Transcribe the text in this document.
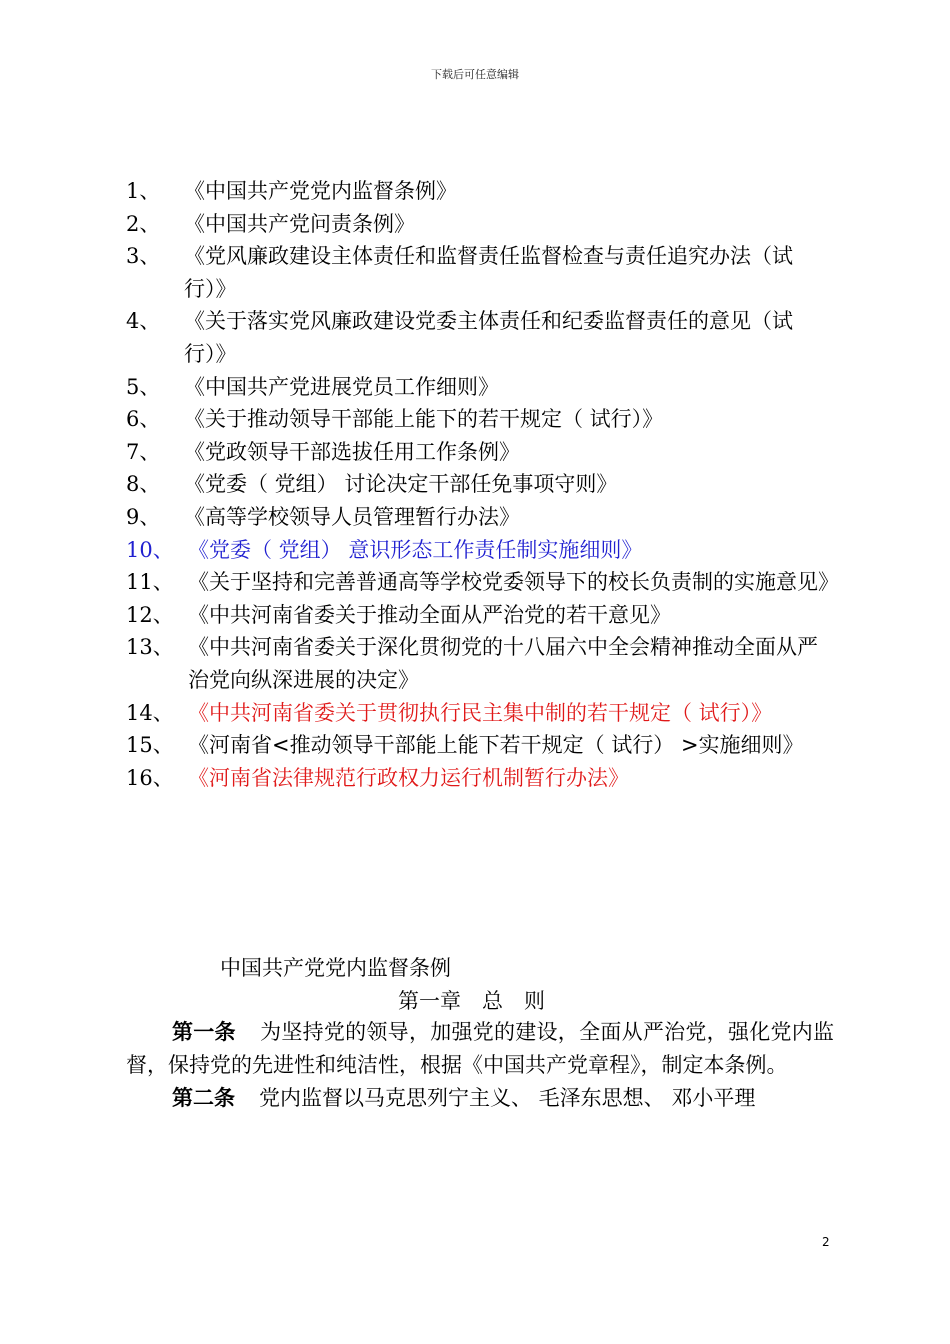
下载后可任意编辑
1、	《中国共产党党内监督条例》
2、	《中国共产党问责条例》
3、	《党风廉政建设主体责任和监督责任监督检查与责任追究办法（试行）》
4、	《关于落实党风廉政建设党委主体责任和纪委监督责任的意见（试行）》
5、	《中国共产党进展党员工作细则》
6、	《关于推动领导干部能上能下的若干规定（ 试行）》
7、	《党政领导干部选拔任用工作条例》
8、	《党委（ 党组） 讨论决定干部任免事项守则》
9、	《高等学校领导人员管理暂行办法》
10、 《党委（ 党组） 意识形态工作责任制实施细则》
11、 《关于坚持和完善普通高等学校党委领导下的校长负责制的实施意见》
12、 《中共河南省委关于推动全面从严治党的若干意见》
13、 《中共河南省委关于深化贯彻党的十八届六中全会精神推动全面从严治党向纵深进展的决定》
14、 《中共河南省委关于贯彻执行民主集中制的若干规定（ 试行）》
15、 《河南省<推动领导干部能上能下若干规定（ 试行） >实施细则》
16、 《河南省法律规范行政权力运行机制暂行办法》
中国共产党党内监督条例
第一章　总　则

第一条 为坚持党的领导，加强党的建设，全面从严治党，强化党内监督，保持党的先进性和纯洁性，根据《中国共产党章程》，制定本条例。

第二条 党内监督以马克思列宁主义、 毛泽东思想、 邓小平理

2
